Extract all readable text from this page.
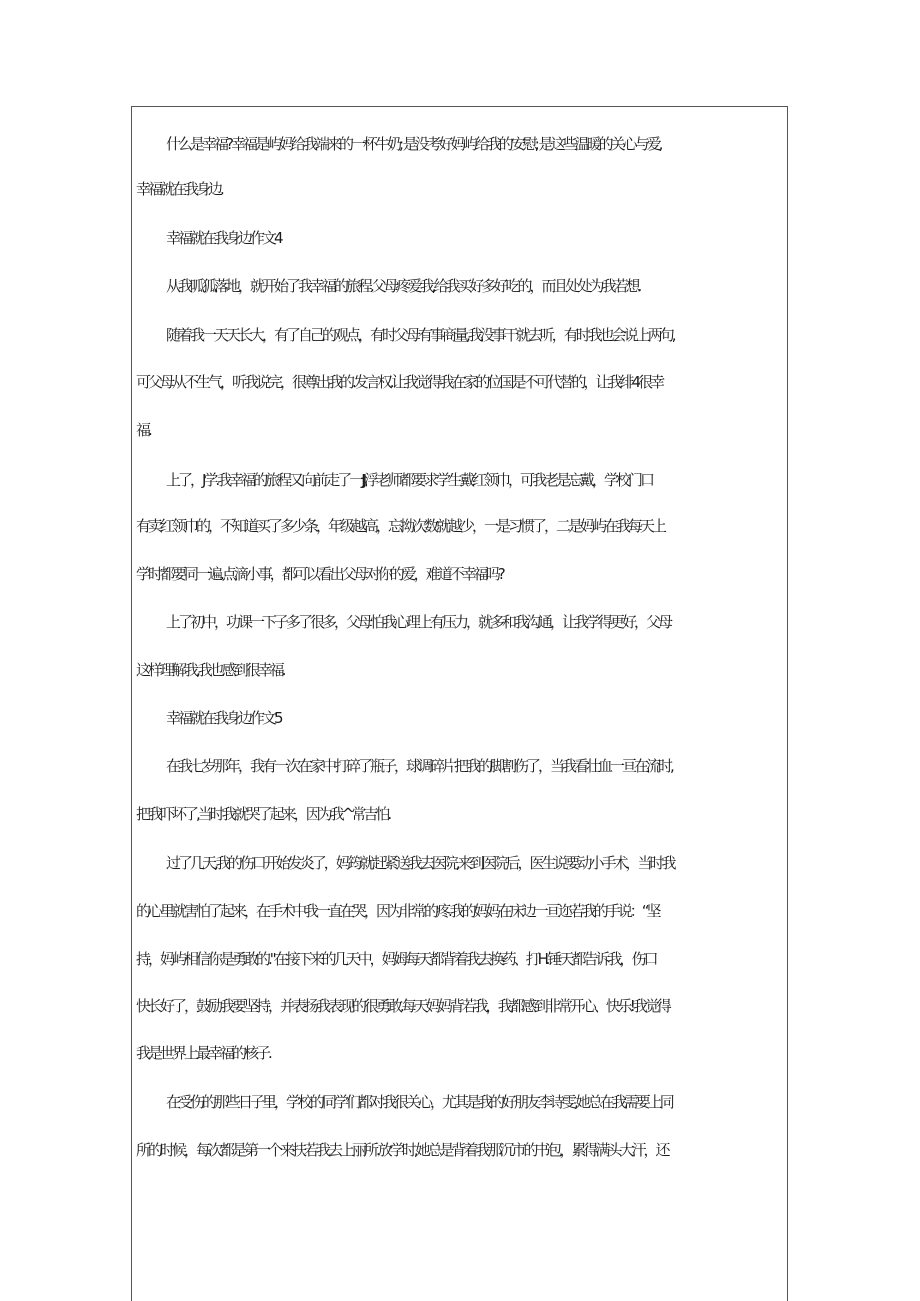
什么是幸福?幸福是屿妈给我端来的一杯牛奶; 是没考好妈屿给我的安慰; 是这些温暖的关心与爱,
幸福就在我身边.
幸福就在我身边作文4
从我呱狐落地，就开始了我幸福的旅程.父母疼爱我,给我买好多好吃的，而且处处为我若想.
随着我一天天长大，有了自己的观点，有时父母有事商量,我没事干就去听，有时我也会说上两句,
可父母从不生气，听我说完，很尊出我的.发言权.让我觉得我在家的位国是不可代替的，让我绯4很幸
福.
上了，J学.我幸福的旅程又向前走了一JJ浮老师都要求学生戴红领巾，可我老是忘戴，学校门口
有卖红领巾的，不知道买了多少条，年级越高，忘拗次数就越少，一是习惯了，二是妈屿在我每天上
学时都要同一遍.点滴小事，都可以看出父母对你的爱，难道不幸福吗?
上了初中，功课一下子多了很多，父母怕我心理上有压力，就多和我沟通，让我学得更好，父母
这样理解我,我也感到很幸福.
幸福就在我身边作文5
在我七岁那年，我有一次在家中打碎了瓶子，球调碎片把我的脚割伤了，当我看壮血一亘在流时,
把我吓坏了,当时我就哭了起来，因为我^常吉怕.
过了几天,我的伤口开始发炎了，妈筠就赶紧送我去医院,来到医院后，医生说要动小手术，当时我
的心里就害怕了起来，在手术中我一直在哭，因为非常的疼.我的妈妈在床边一亘迩若我的手说：“坚
持，妈屿相信你是勇敢的."在接下来的几天中，妈姆每天都背着我去换药、打H.锤天都告诉我，伤口
快长好了，鼓励我要坚持，并表扬我表现的很勇敢.每天妈妈背若我，我都感到非常开心、快乐!我觉得
我是世界上最幸福的核子.
在受伤的那些日子里，学校的同学们都对我很关心，尤其是我的好朋友李诗雯,她总在我需要上同
所的时候，每次都是第一个来扶若我去上丽所.放学时,她总是背着我那沉市的书包，累得满头大汗，还
